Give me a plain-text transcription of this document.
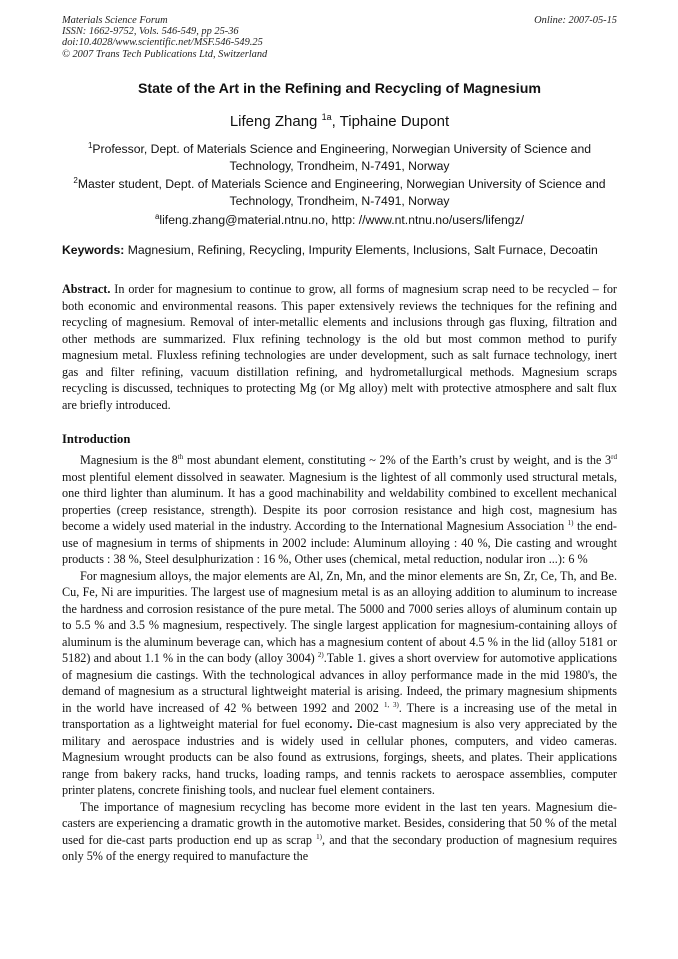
Materials Science Forum
ISSN: 1662-9752, Vols. 546-549, pp 25-36
doi:10.4028/www.scientific.net/MSF.546-549.25
© 2007 Trans Tech Publications Ltd, Switzerland
Online: 2007-05-15
State of the Art in the Refining and Recycling of Magnesium
Lifeng Zhang $^{1a}$, Tiphaine Dupont
$^1$Professor, Dept. of Materials Science and Engineering, Norwegian University of Science and
Technology, Trondheim, N-7491, Norway
$^2$Master student, Dept. of Materials Science and Engineering, Norwegian University of Science and
Technology, Trondheim, N-7491, Norway
$^a$lifeng.zhang@material.ntnu.no, http: //www.nt.ntnu.no/users/lifengz/
Keywords: Magnesium, Refining, Recycling, Impurity Elements, Inclusions, Salt Furnace, Decoatin
Abstract. In order for magnesium to continue to grow, all forms of magnesium scrap need to be recycled – for both economic and environmental reasons. This paper extensively reviews the techniques for the refining and recycling of magnesium. Removal of inter-metallic elements and inclusions through gas fluxing, filtration and other methods are summarized. Flux refining technology is the old but most common method to purify magnesium metal. Fluxless refining technologies are under development, such as salt furnace technology, inert gas and filter refining, vacuum distillation refining, and hydrometallurgical methods. Magnesium scraps recycling is discussed, techniques to protecting Mg (or Mg alloy) melt with protective atmosphere and salt flux are briefly introduced.
Introduction

Magnesium is the 8th most abundant element, constituting ~ 2% of the Earth’s crust by weight, and is the 3rd most plentiful element dissolved in seawater. Magnesium is the lightest of all commonly used structural metals, one third lighter than aluminum. It has a good machinability and weldability combined to excellent mechanical properties (creep resistance, strength). Despite its poor corrosion resistance and high cost, magnesium has become a widely used material in the industry. According to the International Magnesium Association $^{1)}$ the end-use of magnesium in terms of shipments in 2002 include: Aluminum alloying : 40 %, Die casting and wrought products : 38 %, Steel desulphurization : 16 %, Other uses (chemical, metal reduction, nodular iron ...): 6 %

For magnesium alloys, the major elements are Al, Zn, Mn, and the minor elements are Sn, Zr, Ce, Th, and Be. Cu, Fe, Ni are impurities. The largest use of magnesium metal is as an alloying addition to aluminum to increase the hardness and corrosion resistance of the pure metal. The 5000 and 7000 series alloys of aluminum contain up to 5.5 % and 3.5 % magnesium, respectively. The single largest application for magnesium-containing alloys of aluminum is the aluminum beverage can, which has a magnesium content of about 4.5 % in the lid (alloy 5181 or 5182) and about 1.1 % in the can body (alloy 3004) $^{2)}$.Table 1. gives a short overview for automotive applications of magnesium die castings. With the technological advances in alloy performance made in the mid 1980's, the demand of magnesium as a structural lightweight material is arising. Indeed, the primary magnesium shipments in the world have increased of 42 % between 1992 and 2002 $^{1, 3)}$. There is a increasing use of the metal in transportation as a lightweight material for fuel economy. Die-cast magnesium is also very appreciated by the military and aerospace industries and is widely used in cellular phones, computers, and video cameras. Magnesium wrought products can be also found as extrusions, forgings, sheets, and plates. Their applications range from bakery racks, hand trucks, loading ramps, and tennis rackets to aerospace assemblies, computer printer platens, concrete finishing tools, and nuclear fuel element containers.

The importance of magnesium recycling has become more evident in the last ten years. Magnesium die-casters are experiencing a dramatic growth in the automotive market. Besides, considering that 50 % of the metal used for die-cast parts production end up as scrap $^{1)}$, and that the secondary production of magnesium requires only 5% of the energy required to manufacture the
